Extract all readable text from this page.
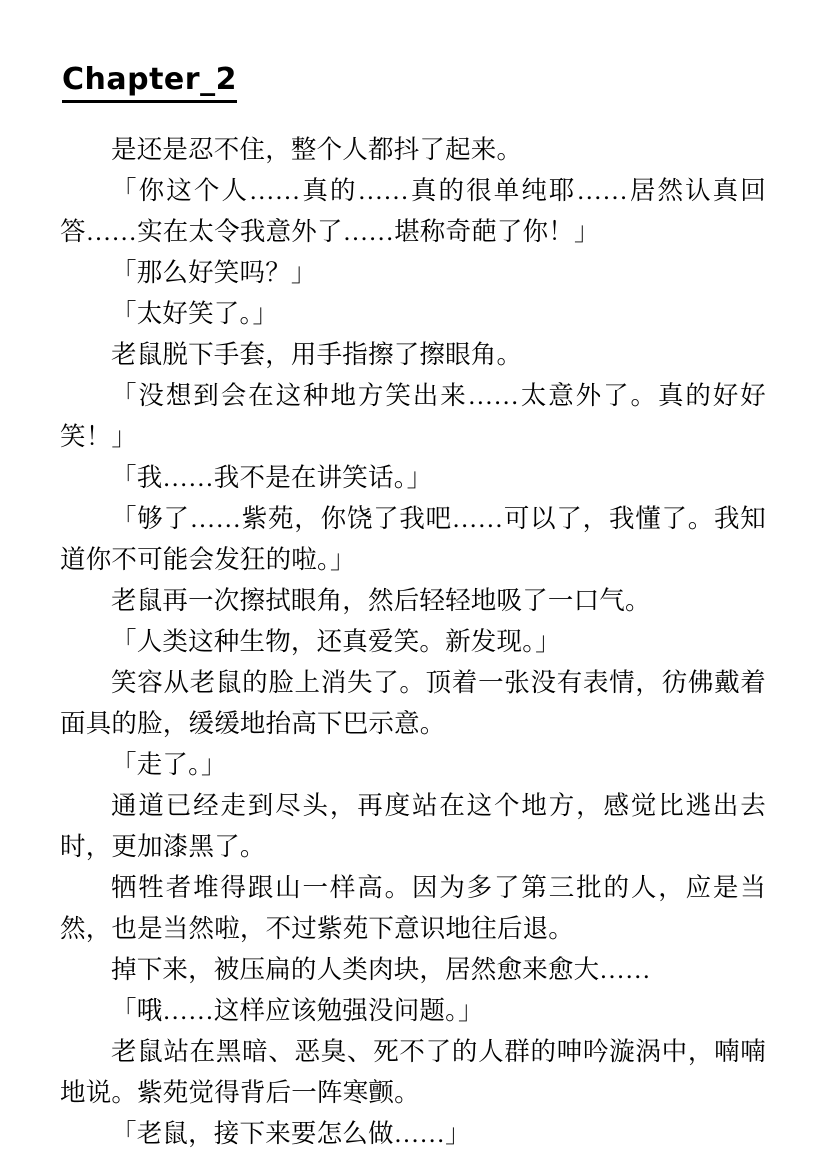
Chapter_2

是还是忍不住，整个人都抖了起来。

「你这个人……真的……真的很单纯耶……居然认真回答……实在太令我意外了……堪称奇葩了你！」

「那么好笑吗？」

「太好笑了。」

老鼠脱下手套，用手指擦了擦眼角。

「没想到会在这种地方笑出来……太意外了。真的好好笑！」

「我……我不是在讲笑话。」

「够了……紫苑，你饶了我吧……可以了，我懂了。我知道你不可能会发狂的啦。」

老鼠再一次擦拭眼角，然后轻轻地吸了一口气。

「人类这种生物，还真爱笑。新发现。」

笑容从老鼠的脸上消失了。顶着一张没有表情，彷佛戴着面具的脸，缓缓地抬高下巴示意。

「走了。」

通道已经走到尽头，再度站在这个地方，感觉比逃出去时，更加漆黑了。

牺牲者堆得跟山一样高。因为多了第三批的人，应是当然，也是当然啦，不过紫苑下意识地往后退。

掉下来，被压扁的人类肉块，居然愈来愈大……

「哦……这样应该勉强没问题。」

老鼠站在黑暗、恶臭、死不了的人群的呻吟漩涡中，喃喃地说。紫苑觉得背后一阵寒颤。

「老鼠，接下来要怎么做……」
